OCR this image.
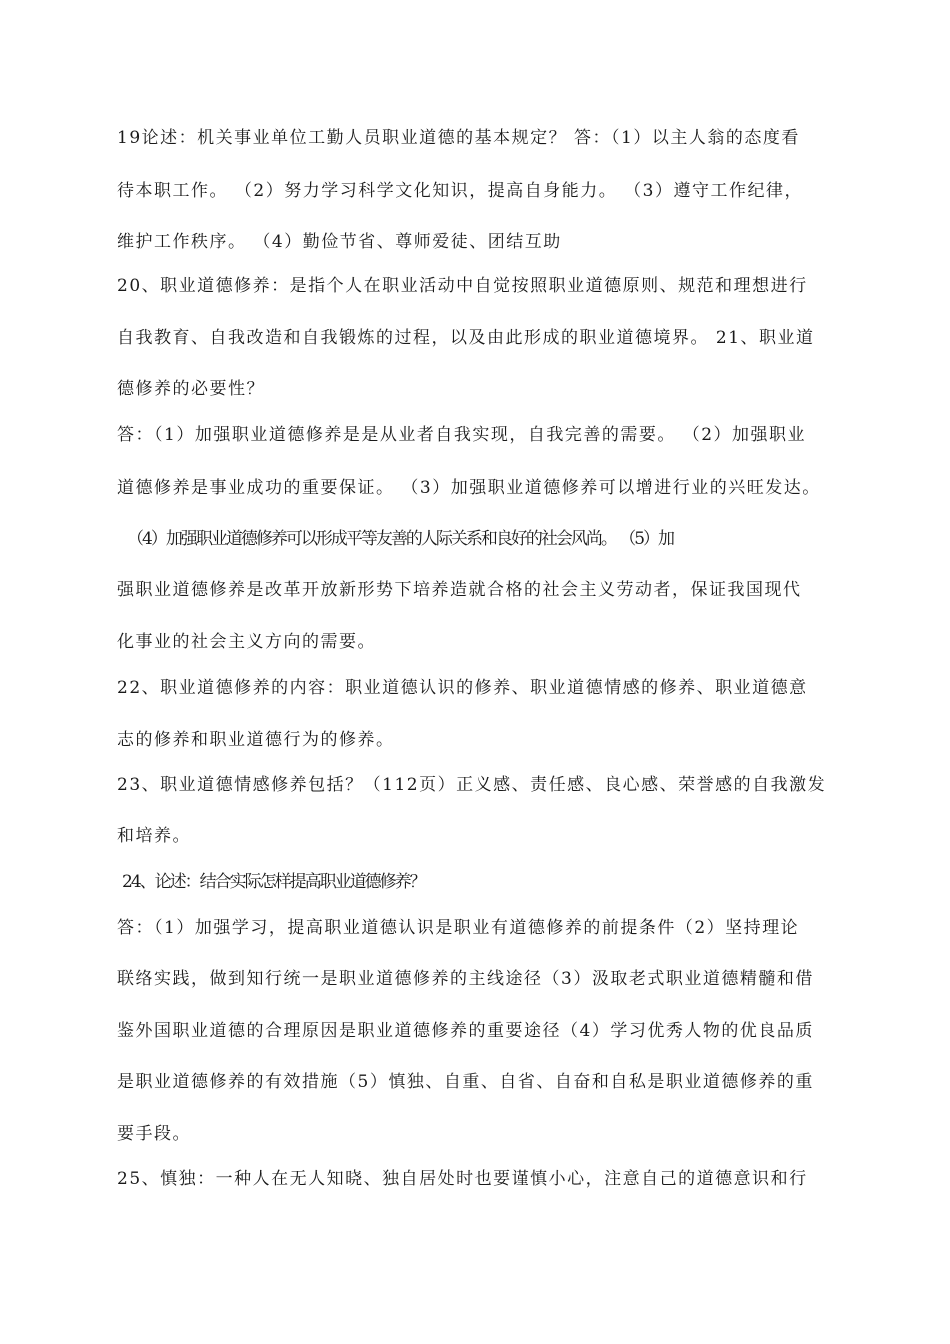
19论述：机关事业单位工勤人员职业道德的基本规定？ 答：（1）以主人翁的态度看
待本职工作。 （2）努力学习科学文化知识，提高自身能力。 （3）遵守工作纪律，
维护工作秩序。 （4）勤俭节省、尊师爱徒、团结互助
20、职业道德修养：是指个人在职业活动中自觉按照职业道德原则、规范和理想进行
自我教育、自我改造和自我锻炼的过程，以及由此形成的职业道德境界。 21、职业道
德修养的必要性？
答：（1）加强职业道德修养是是从业者自我实现，自我完善的需要。 （2）加强职业
道德修养是事业成功的重要保证。 （3）加强职业道德修养可以增进行业的兴旺发达。
（4）加强职业道德修养可以形成平等友善的人际关系和良好的社会风尚。 （5）加
强职业道德修养是改革开放新形势下培养造就合格的社会主义劳动者，保证我国现代
化事业的社会主义方向的需要。
22、职业道德修养的内容：职业道德认识的修养、职业道德情感的修养、职业道德意
志的修养和职业道德行为的修养。
23、职业道德情感修养包括？（112页）正义感、责任感、良心感、荣誉感的自我激发
和培养。
24、论述：结合实际怎样提高职业道德修养？
答：（1）加强学习，提高职业道德认识是职业有道德修养的前提条件（2）坚持理论
联络实践，做到知行统一是职业道德修养的主线途径（3）汲取老式职业道德精髓和借
鉴外国职业道德的合理原因是职业道德修养的重要途径（4）学习优秀人物的优良品质
是职业道德修养的有效措施（5）慎独、自重、自省、自奋和自私是职业道德修养的重
要手段。
25、慎独：一种人在无人知晓、独自居处时也要谨慎小心，注意自己的道德意识和行
